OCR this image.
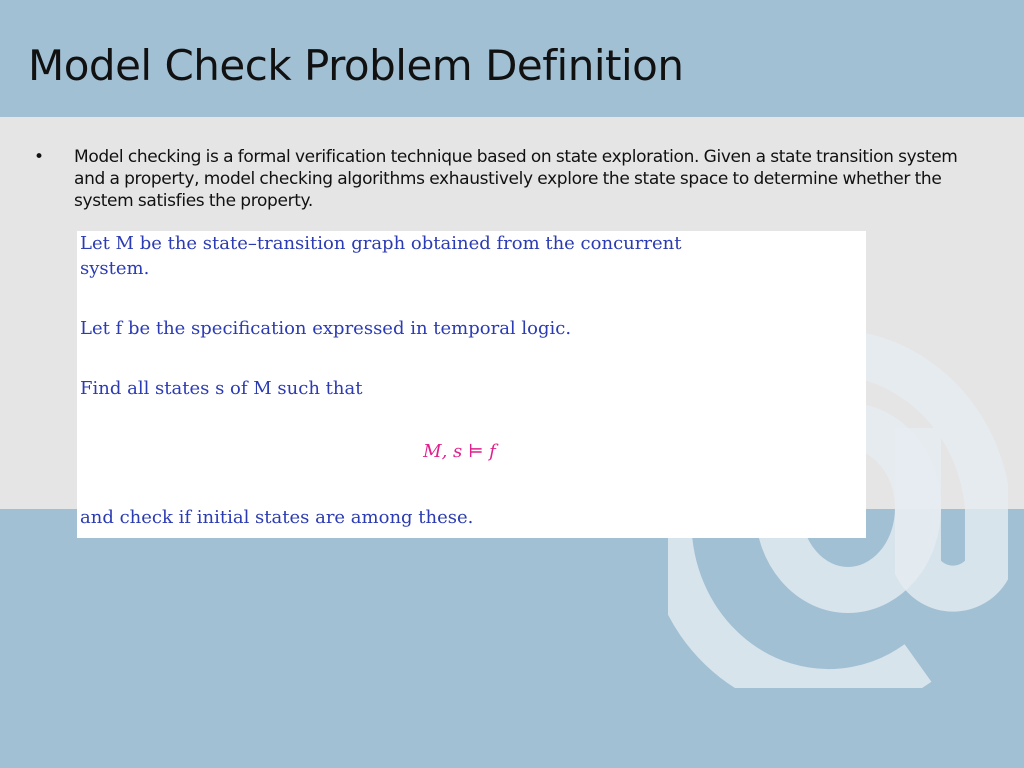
Model Check Problem Definition
• Model checking is a formal verification technique based on state exploration. Given a state transition system and a property, model checking algorithms exhaustively explore the state space to determine whether the system satisfies the property.

Let M be the state–transition graph obtained from the concurrent

system.

Let f be the specification expressed in temporal logic.

Find all states s of M such that

M, s ⊨ f

and check if initial states are among these.
